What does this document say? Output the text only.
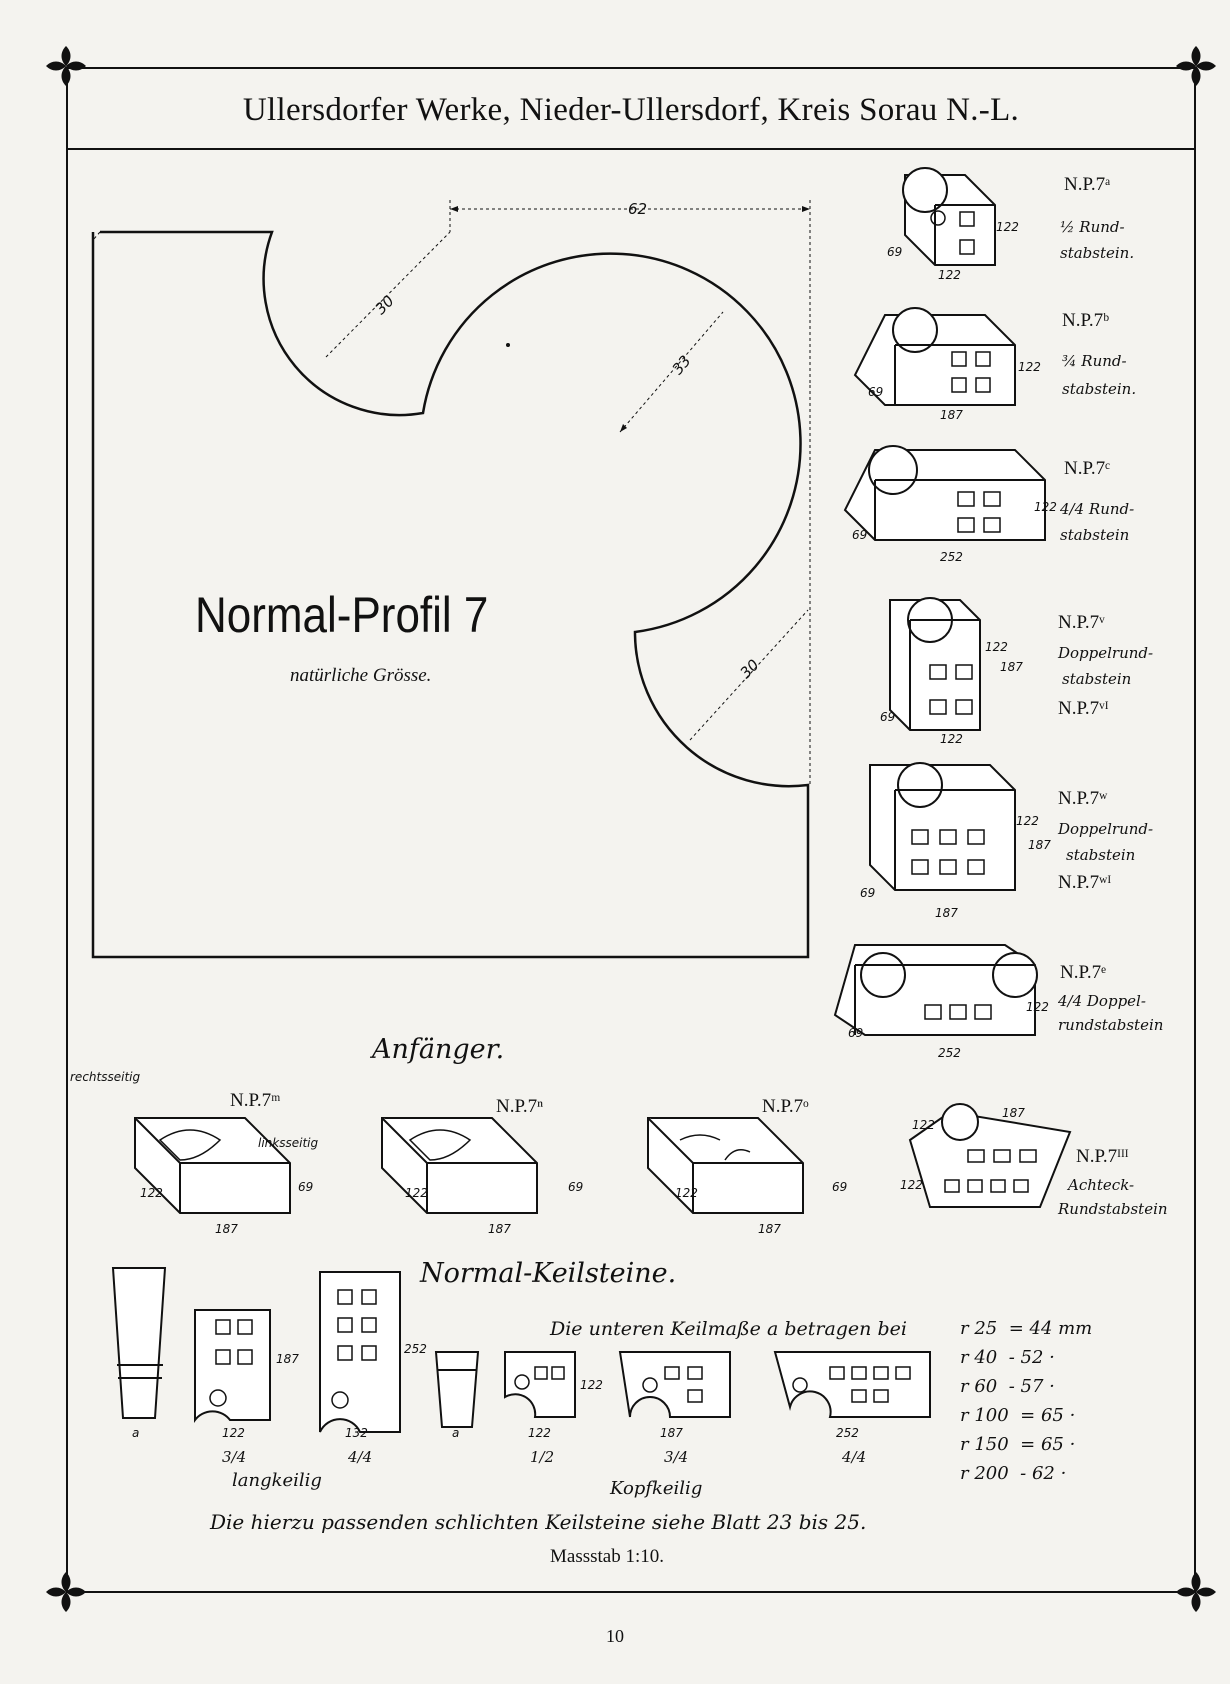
Ullersdorfer Werke, Nieder-Ullersdorf, Kreis Sorau N.-L.
62
30
33
30
Normal-Profil 7
natürliche Grösse.
N.P.7ᵃ
½ Rund-
stabstein.
122
122
69
N.P.7ᵇ
¾ Rund-
stabstein.
187
122
69
N.P.7ᶜ
4/4 Rund-
stabstein
252
122
69
N.P.7ᵛ
Doppelrund-
stabstein
N.P.7ᵛᴵ
122
122
187
69
N.P.7ʷ
Doppelrund-
stabstein
N.P.7ʷᴵ
187
122
187
69
N.P.7ᵉ
4/4 Doppel-
rundstabstein
252
122
69
Anfänger.
N.P.7ᵐ
rechtsseitig
linksseitig
122
187
69
N.P.7ⁿ
122
187
69
N.P.7ᵒ
122
187
69
N.P.7ᴵᴵᴵ
Achteck-
Rundstabstein
122
187
122
Normal-Keilsteine.
a	122
187
132
252
a	122
122
187	252
3/4	4/4	1/2	3/4	4/4
langkeilig	Kopfkeilig
Die unteren Keilmaße a betragen bei	r 25 = 44 mm
r 40 - 52 ·
r 60 - 57 ·
r 100 = 65 ·
r 150 = 65 ·
r 200 - 62 ·
Die hierzu passenden schlichten Keilsteine siehe Blatt 23 bis 25.
Massstab 1:10.
10
